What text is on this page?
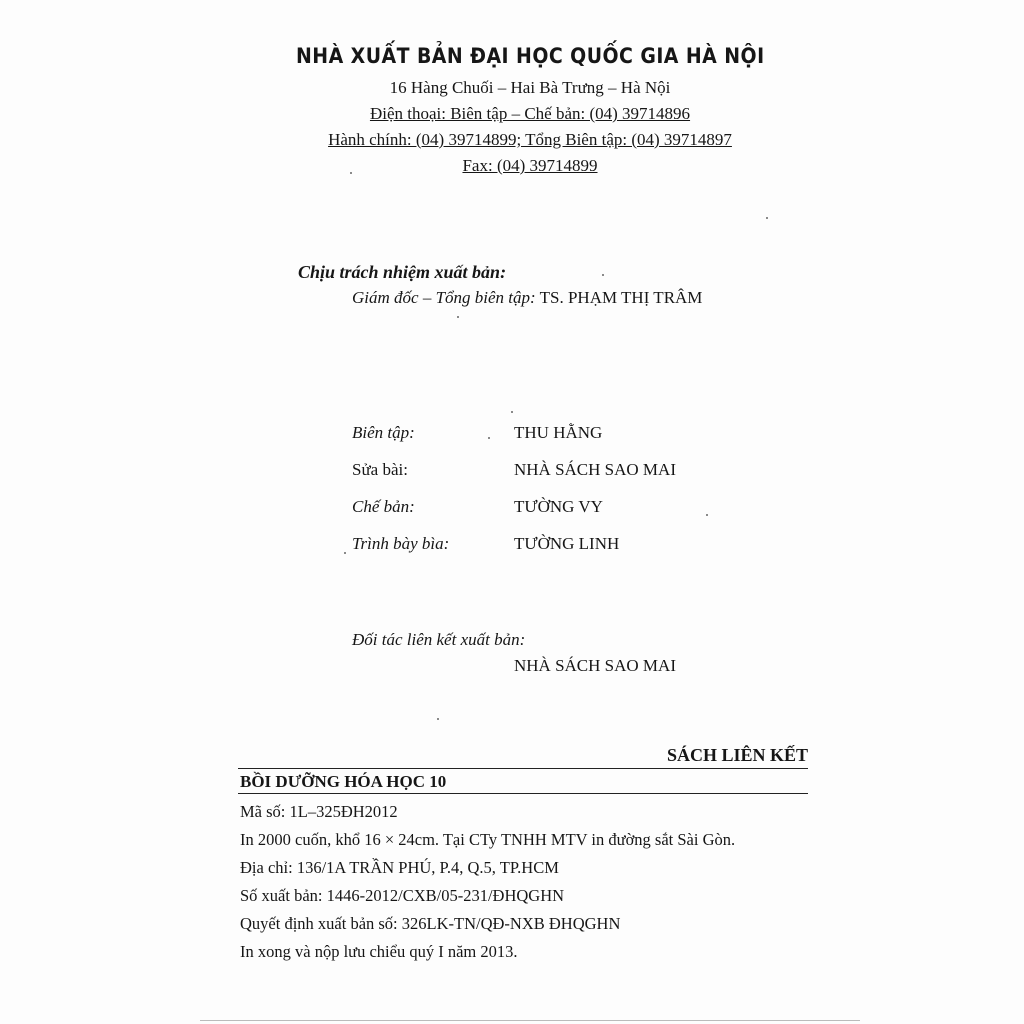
NHÀ XUẤT BẢN ĐẠI HỌC QUỐC GIA HÀ NỘI
16 Hàng Chuối – Hai Bà Trưng – Hà Nội
Điện thoại: Biên tập – Chế bản: (04) 39714896
Hành chính: (04) 39714899; Tổng Biên tập: (04) 39714897
Fax: (04) 39714899
Chịu trách nhiệm xuất bản:
Giám đốc – Tổng biên tập: TS. PHẠM THỊ TRÂM
Biên tập:	THU HẰNG
Sửa bài:	NHÀ SÁCH SAO MAI
Chế bản:	TƯỜNG VY
Trình bày bìa:	TƯỜNG LINH
Đối tác liên kết xuất bản:
NHÀ SÁCH SAO MAI
SÁCH LIÊN KẾT
BỒI DƯỠNG HÓA HỌC 10
Mã số: 1L–325ĐH2012
In 2000 cuốn, khổ 16 × 24cm. Tại CTy TNHH MTV in đường sắt Sài Gòn.
Địa chỉ: 136/1A TRẦN PHÚ, P.4, Q.5, TP.HCM
Số xuất bản: 1446-2012/CXB/05-231/ĐHQGHN
Quyết định xuất bản số: 326LK-TN/QĐ-NXB ĐHQGHN
In xong và nộp lưu chiểu quý I năm 2013.
